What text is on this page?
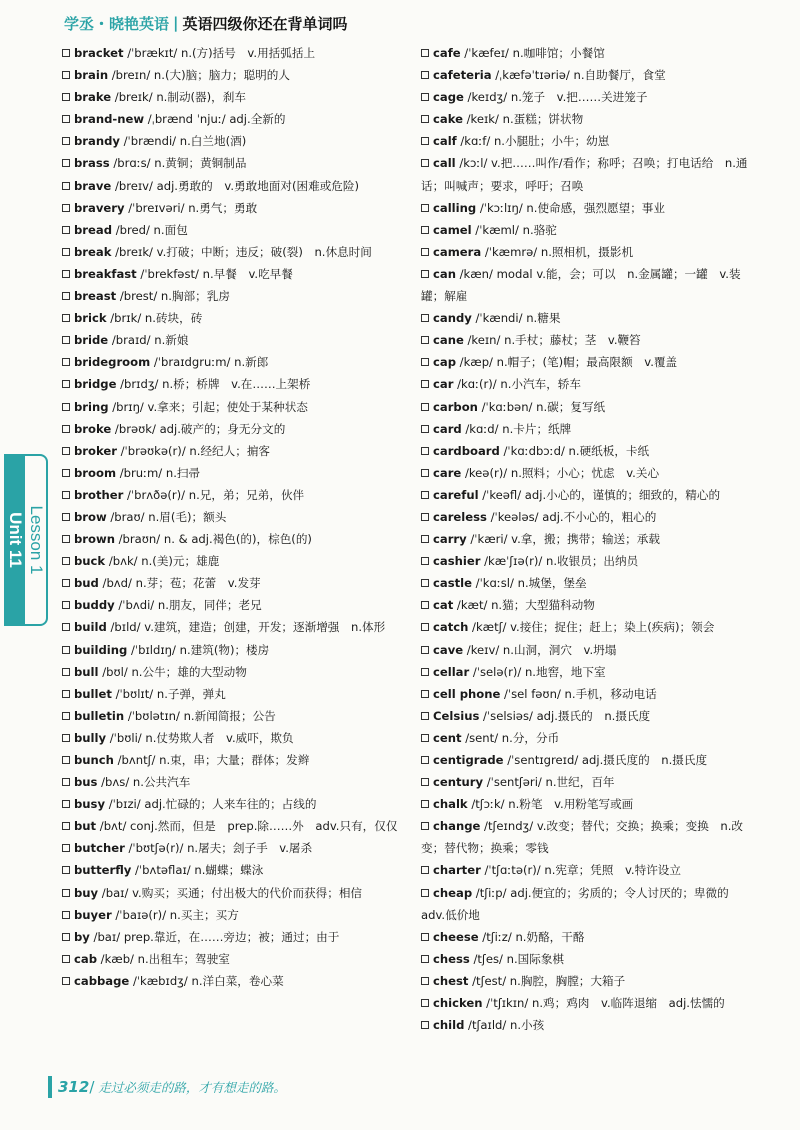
学丞・晓艳英语 | 英语四级你还在背单词吗
bracket /ˈbrækɪt/ n.(方)括号　v.用括弧括上
brain /breɪn/ n.(大)脑；脑力；聪明的人
brake /breɪk/ n.制动(器)，刹车
brand-new /ˌbrænd ˈnjuː/ adj.全新的
brandy /ˈbrændi/ n.白兰地(酒)
brass /brɑːs/ n.黄铜；黄铜制品
brave /breɪv/ adj.勇敢的　v.勇敢地面对(困难或危险)
bravery /ˈbreɪvəri/ n.勇气；勇敢
bread /bred/ n.面包
break /breɪk/ v.打破；中断；违反；破(裂)　n.休息时间
breakfast /ˈbrekfəst/ n.早餐　v.吃早餐
breast /brest/ n.胸部；乳房
brick /brɪk/ n.砖块，砖
bride /braɪd/ n.新娘
bridegroom /ˈbraɪdgruːm/ n.新郎
bridge /brɪdʒ/ n.桥；桥牌　v.在……上架桥
bring /brɪŋ/ v.拿来；引起；使处于某种状态
broke /brəʊk/ adj.破产的；身无分文的
broker /ˈbrəʊkə(r)/ n.经纪人；掮客
broom /bruːm/ n.扫帚
brother /ˈbrʌðə(r)/ n.兄，弟；兄弟，伙伴
brow /braʊ/ n.眉(毛)；额头
brown /braʊn/ n. & adj.褐色(的)，棕色(的)
buck /bʌk/ n.(美)元；雄鹿
bud /bʌd/ n.芽；苞；花蕾　v.发芽
buddy /ˈbʌdi/ n.朋友，同伴；老兄
build /bɪld/ v.建筑，建造；创建，开发；逐渐增强　n.体形
building /ˈbɪldɪŋ/ n.建筑(物)；楼房
bull /bʊl/ n.公牛；雄的大型动物
bullet /ˈbʊlɪt/ n.子弹，弹丸
bulletin /ˈbʊlətɪn/ n.新闻简报；公告
bully /ˈbʊli/ n.仗势欺人者　v.威吓，欺负
bunch /bʌntʃ/ n.束，串；大量；群体；发辫
bus /bʌs/ n.公共汽车
busy /ˈbɪzi/ adj.忙碌的；人来车往的；占线的
but /bʌt/ conj.然而，但是　prep.除……外　adv.只有，仅仅
butcher /ˈbʊtʃə(r)/ n.屠夫；刽子手　v.屠杀
butterfly /ˈbʌtəflaɪ/ n.蝴蝶；蝶泳
buy /baɪ/ v.购买；买通；付出极大的代价而获得；相信
buyer /ˈbaɪə(r)/ n.买主；买方
by /baɪ/ prep.靠近，在……旁边；被；通过；由于
cab /kæb/ n.出租车；驾驶室
cabbage /ˈkæbɪdʒ/ n.洋白菜，卷心菜
cafe /ˈkæfeɪ/ n.咖啡馆；小餐馆
cafeteria /ˌkæfəˈtɪəriə/ n.自助餐厅，食堂
cage /keɪdʒ/ n.笼子　v.把……关进笼子
cake /keɪk/ n.蛋糕；饼状物
calf /kɑːf/ n.小腿肚；小牛；幼崽
call /kɔːl/ v.把……叫作/看作；称呼；召唤；打电话给　n.通话；叫喊声；要求，呼吁；召唤
calling /ˈkɔːlɪŋ/ n.使命感，强烈愿望；事业
camel /ˈkæml/ n.骆驼
camera /ˈkæmrə/ n.照相机，摄影机
can /kæn/ modal v.能，会；可以　n.金属罐；一罐　v.装罐；解雇
candy /ˈkændi/ n.糖果
cane /keɪn/ n.手杖；藤杖；茎　v.鞭笞
cap /kæp/ n.帽子；(笔)帽；最高限额　v.覆盖
car /kɑː(r)/ n.小汽车，轿车
carbon /ˈkɑːbən/ n.碳；复写纸
card /kɑːd/ n.卡片；纸牌
cardboard /ˈkɑːdbɔːd/ n.硬纸板，卡纸
care /keə(r)/ n.照料；小心；忧虑　v.关心
careful /ˈkeəfl/ adj.小心的，谨慎的；细致的，精心的
careless /ˈkeələs/ adj.不小心的，粗心的
carry /ˈkæri/ v.拿，搬；携带；输送；承载
cashier /kæˈʃɪə(r)/ n.收银员；出纳员
castle /ˈkɑːsl/ n.城堡，堡垒
cat /kæt/ n.猫；大型猫科动物
catch /kætʃ/ v.接住；捉住；赶上；染上(疾病)；领会
cave /keɪv/ n.山洞，洞穴　v.坍塌
cellar /ˈselə(r)/ n.地窖，地下室
cell phone /ˈsel fəʊn/ n.手机，移动电话
Celsius /ˈselsiəs/ adj.摄氏的　n.摄氏度
cent /sent/ n.分，分币
centigrade /ˈsentɪgreɪd/ adj.摄氏度的　n.摄氏度
century /ˈsentʃəri/ n.世纪，百年
chalk /tʃɔːk/ n.粉笔　v.用粉笔写或画
change /tʃeɪndʒ/ v.改变；替代；交换；换乘；变换　n.改变；替代物；换乘；零钱
charter /ˈtʃɑːtə(r)/ n.宪章；凭照　v.特许设立
cheap /tʃiːp/ adj.便宜的；劣质的；令人讨厌的；卑微的　adv.低价地
cheese /tʃiːz/ n.奶酪，干酪
chess /tʃes/ n.国际象棋
chest /tʃest/ n.胸腔，胸膛；大箱子
chicken /ˈtʃɪkɪn/ n.鸡；鸡肉　v.临阵退缩　adj.怯懦的
child /tʃaɪld/ n.小孩
Unit 11 Lesson 1
312 / 走过必须走的路，才有想走的路。
